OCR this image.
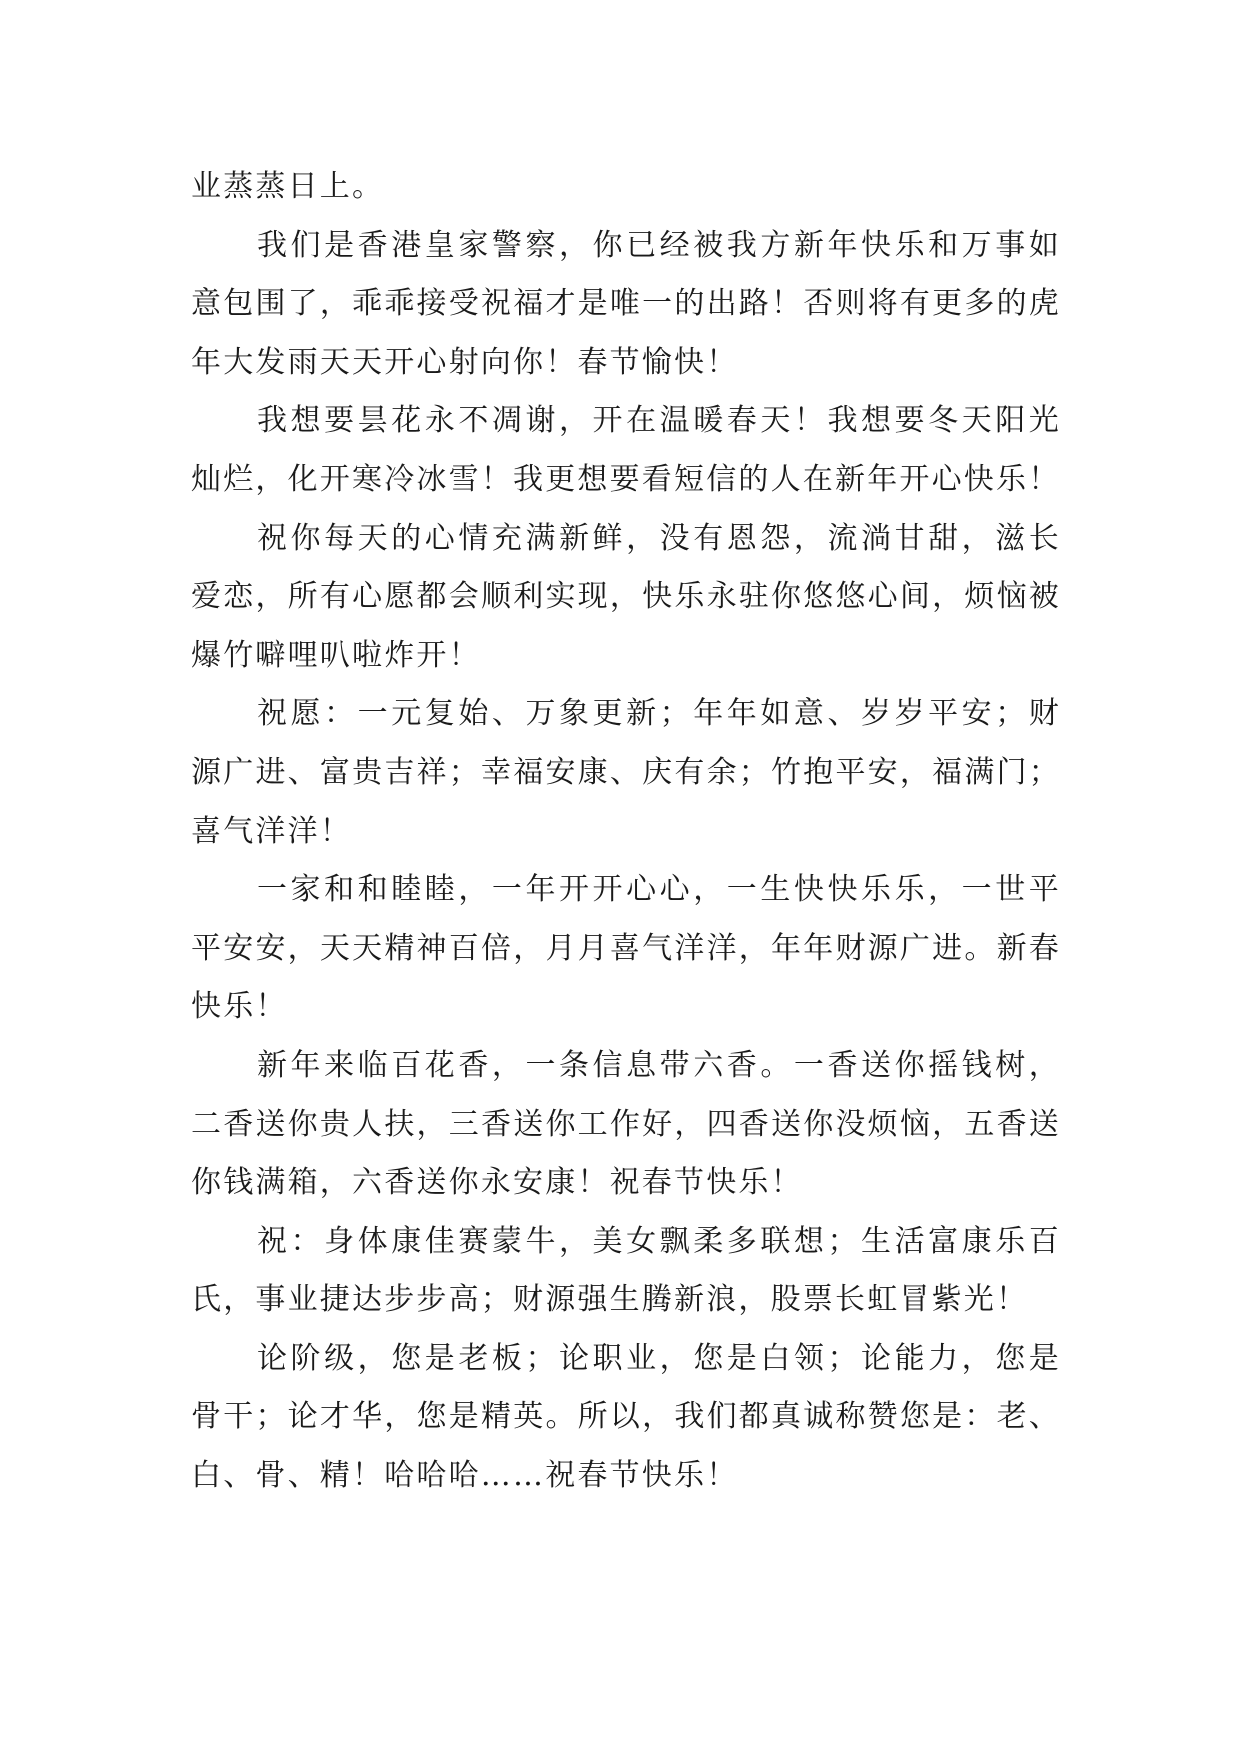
业蒸蒸日上。

我们是香港皇家警察，你已经被我方新年快乐和万事如意包围了，乖乖接受祝福才是唯一的出路！否则将有更多的虎年大发雨天天开心射向你！春节愉快！

我想要昙花永不凋谢，开在温暖春天！我想要冬天阳光灿烂，化开寒冷冰雪！我更想要看短信的人在新年开心快乐！

祝你每天的心情充满新鲜，没有恩怨，流淌甘甜，滋长爱恋，所有心愿都会顺利实现，快乐永驻你悠悠心间，烦恼被爆竹噼哩叭啦炸开！

祝愿：一元复始、万象更新；年年如意、岁岁平安；财源广进、富贵吉祥；幸福安康、庆有余；竹抱平安，福满门；喜气洋洋！

一家和和睦睦，一年开开心心，一生快快乐乐，一世平平安安，天天精神百倍，月月喜气洋洋，年年财源广进。新春快乐！

新年来临百花香，一条信息带六香。一香送你摇钱树，二香送你贵人扶，三香送你工作好，四香送你没烦恼，五香送你钱满箱，六香送你永安康！祝春节快乐！

祝：身体康佳赛蒙牛，美女飘柔多联想；生活富康乐百氏，事业捷达步步高；财源强生腾新浪，股票长虹冒紫光！

论阶级，您是老板；论职业，您是白领；论能力，您是骨干；论才华，您是精英。所以，我们都真诚称赞您是：老、白、骨、精！哈哈哈……祝春节快乐！
